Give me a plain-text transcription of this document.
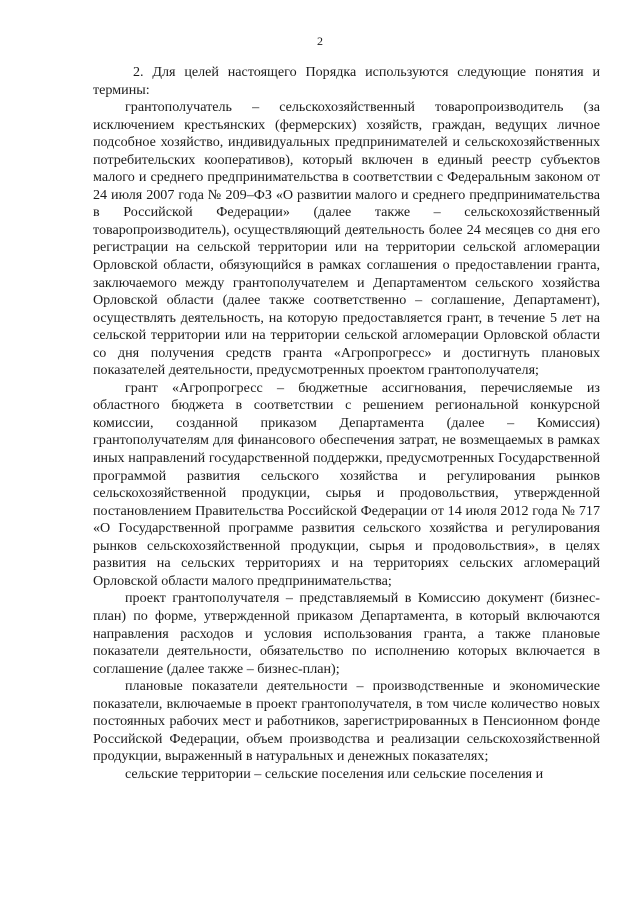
2

2. Для целей настоящего Порядка используются следующие понятия и термины:

грантополучатель – сельскохозяйственный товаропроизводитель (за исключением крестьянских (фермерских) хозяйств, граждан, ведущих личное подсобное хозяйство, индивидуальных предпринимателей и сельскохозяйственных потребительских кооперативов), который включен в единый реестр субъектов малого и среднего предпринимательства в соответствии с Федеральным законом от 24 июля 2007 года № 209–ФЗ «О развитии малого и среднего предпринимательства в Российской Федерации» (далее также – сельскохозяйственный товаропроизводитель), осуществляющий деятельность более 24 месяцев со дня его регистрации на сельской территории или на территории сельской агломерации Орловской области, обязующийся в рамках соглашения о предоставлении гранта, заключаемого между грантополучателем и Департаментом сельского хозяйства Орловской области (далее также соответственно – соглашение, Департамент), осуществлять деятельность, на которую предоставляется грант, в течение 5 лет на сельской территории или на территории сельской агломерации Орловской области со дня получения средств гранта «Агропрогресс» и достигнуть плановых показателей деятельности, предусмотренных проектом грантополучателя;

грант «Агропрогресс – бюджетные ассигнования, перечисляемые из областного бюджета в соответствии с решением региональной конкурсной комиссии, созданной приказом Департамента (далее – Комиссия) грантополучателям для финансового обеспечения затрат, не возмещаемых в рамках иных направлений государственной поддержки, предусмотренных Государственной программой развития сельского хозяйства и регулирования рынков сельскохозяйственной продукции, сырья и продовольствия, утвержденной постановлением Правительства Российской Федерации от 14 июля 2012 года № 717 «О Государственной программе развития сельского хозяйства и регулирования рынков сельскохозяйственной продукции, сырья и продовольствия», в целях развития на сельских территориях и на территориях сельских агломераций Орловской области малого предпринимательства;

проект грантополучателя – представляемый в Комиссию документ (бизнес-план) по форме, утвержденной приказом Департамента, в который включаются направления расходов и условия использования гранта, а также плановые показатели деятельности, обязательство по исполнению которых включается в соглашение (далее также – бизнес-план);

плановые показатели деятельности – производственные и экономические показатели, включаемые в проект грантополучателя, в том числе количество новых постоянных рабочих мест и работников, зарегистрированных в Пенсионном фонде Российской Федерации, объем производства и реализации сельскохозяйственной продукции, выраженный в натуральных и денежных показателях;

сельские территории – сельские поселения или сельские поселения и
